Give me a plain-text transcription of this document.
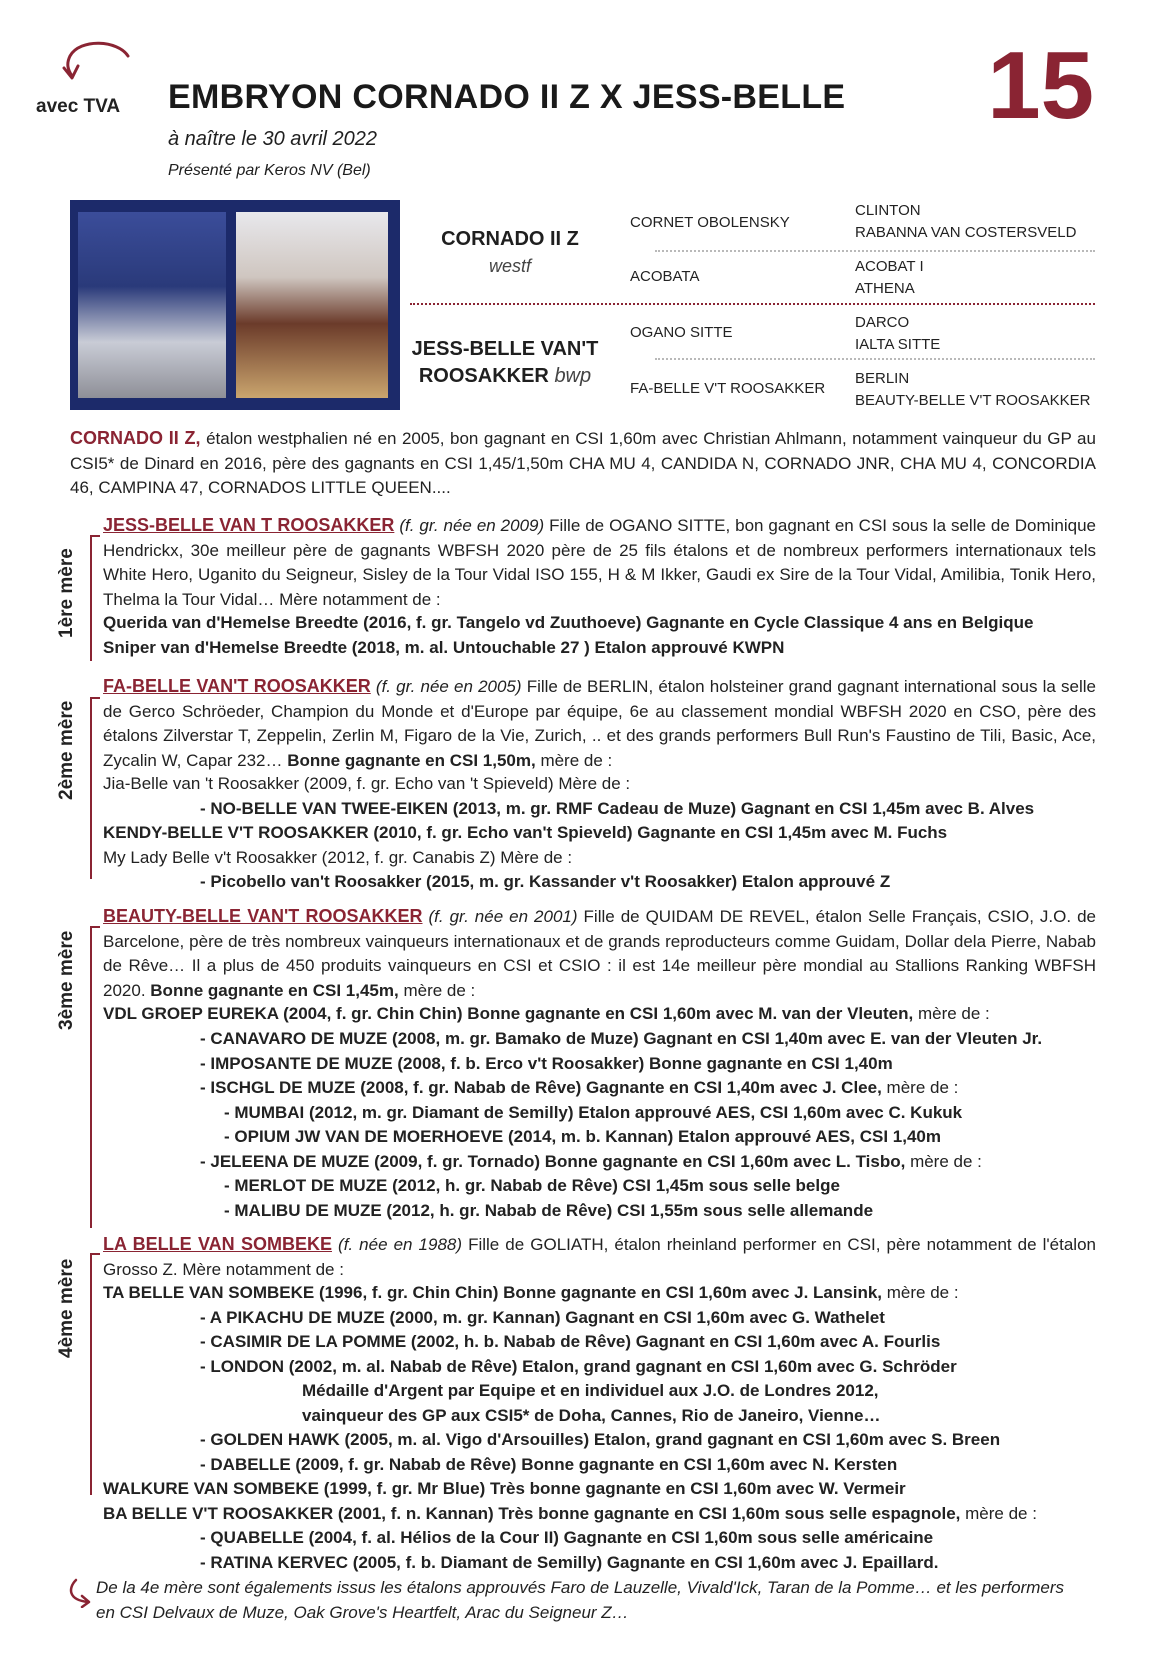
avec TVA EMBRYON CORNADO II Z X JESS-BELLE
à naître le 30 avril 2022
Présenté par Keros NV (Bel)
15
CORNADO II Z
westf
JESS-BELLE VAN'T
ROOSAKKER bwp
CORNET OBOLENSKY
ACOBATA
OGANO SITTE
FA-BELLE V'T ROOSAKKER
CLINTON
RABANNA VAN COSTERSVELD
ACOBAT I
ATHENA
DARCO
IALTA SITTE
BERLIN
BEAUTY-BELLE V'T ROOSAKKER
CORNADO II Z, étalon westphalien né en 2005, bon gagnant en CSI 1,60m avec Christian Ahlmann, notamment vainqueur du GP au CSI5* de Dinard en 2016, père des gagnants en CSI 1,45/1,50m CHA MU 4, CANDIDA N, CORNADO JNR, CHA MU 4, CONCORDIA 46, CAMPINA 47, CORNADOS LITTLE QUEEN....
1ère mère
JESS-BELLE VAN T ROOSAKKER (f. gr. née en 2009) Fille de OGANO SITTE, bon gagnant en CSI sous la selle de Dominique Hendrickx, 30e meilleur père de gagnants WBFSH 2020 père de 25 fils étalons et de nombreux performers internationaux tels White Hero, Uganito du Seigneur, Sisley de la Tour Vidal ISO 155, H & M Ikker, Gaudi ex Sire de la Tour Vidal, Amilibia, Tonik Hero, Thelma la Tour Vidal… Mère notamment de :
Querida van d'Hemelse Breedte (2016, f. gr. Tangelo vd Zuuthoeve) Gagnante en Cycle Classique 4 ans en Belgique
Sniper van d'Hemelse Breedte (2018, m. al. Untouchable 27 ) Etalon approuvé KWPN
2ème mère
FA-BELLE VAN'T ROOSAKKER (f. gr. née en 2005) Fille de BERLIN, étalon holsteiner grand gagnant international sous la selle de Gerco Schröeder, Champion du Monde et d'Europe par équipe, 6e au classement mondial WBFSH 2020 en CSO, père des étalons Zilverstar T, Zeppelin, Zerlin M, Figaro de la Vie, Zurich, .. et des grands performers Bull Run's Faustino de Tili, Basic, Ace, Zycalin W, Capar 232… Bonne gagnante en CSI 1,50m, mère de :
Jia-Belle van 't Roosakker (2009, f. gr. Echo van 't Spieveld) Mère de :
- NO-BELLE VAN TWEE-EIKEN (2013, m. gr. RMF Cadeau de Muze) Gagnant en CSI 1,45m avec B. Alves
KENDY-BELLE V'T ROOSAKKER (2010, f. gr. Echo van't Spieveld) Gagnante en CSI 1,45m avec M. Fuchs
My Lady Belle v't Roosakker (2012, f. gr. Canabis Z) Mère de :
- Picobello van't Roosakker (2015, m. gr. Kassander v't Roosakker) Etalon approuvé Z
3ème mère
BEAUTY-BELLE VAN'T ROOSAKKER (f. gr. née en 2001) Fille de QUIDAM DE REVEL, étalon Selle Français, CSIO, J.O. de Barcelone, père de très nombreux vainqueurs internationaux et de grands reproducteurs comme Guidam, Dollar dela Pierre, Nabab de Rêve… Il a plus de 450 produits vainqueurs en CSI et CSIO : il est 14e meilleur père mondial au Stallions Ranking WBFSH 2020. Bonne gagnante en CSI 1,45m, mère de :
VDL GROEP EUREKA (2004, f. gr. Chin Chin) Bonne gagnante en CSI 1,60m avec M. van der Vleuten, mère de :
- CANAVARO DE MUZE (2008, m. gr. Bamako de Muze) Gagnant en CSI 1,40m avec E. van der Vleuten Jr.
- IMPOSANTE DE MUZE (2008, f. b. Erco v't Roosakker) Bonne gagnante en CSI 1,40m
- ISCHGL DE MUZE (2008, f. gr. Nabab de Rêve) Gagnante en CSI 1,40m avec J. Clee, mère de :
- MUMBAI (2012, m. gr. Diamant de Semilly) Etalon approuvé AES, CSI 1,60m avec C. Kukuk
- OPIUM JW VAN DE MOERHOEVE (2014, m. b. Kannan) Etalon approuvé AES, CSI 1,40m
- JELEENA DE MUZE (2009, f. gr. Tornado) Bonne gagnante en CSI 1,60m avec L. Tisbo, mère de :
- MERLOT DE MUZE (2012, h. gr. Nabab de Rêve) CSI 1,45m sous selle belge
- MALIBU DE MUZE (2012, h. gr. Nabab de Rêve) CSI 1,55m sous selle allemande
4ème mère
LA BELLE VAN SOMBEKE (f. née en 1988) Fille de GOLIATH, étalon rheinland performer en CSI, père notamment de l'étalon Grosso Z. Mère notamment de :
TA BELLE VAN SOMBEKE (1996, f. gr. Chin Chin) Bonne gagnante en CSI 1,60m avec J. Lansink, mère de :
- A PIKACHU DE MUZE (2000, m. gr. Kannan) Gagnant en CSI 1,60m avec G. Wathelet
- CASIMIR DE LA POMME (2002, h. b. Nabab de Rêve) Gagnant en CSI 1,60m avec A. Fourlis
- LONDON (2002, m. al. Nabab de Rêve) Etalon, grand gagnant en CSI 1,60m avec G. Schröder
Médaille d'Argent par Equipe et en individuel aux J.O. de Londres 2012,
vainqueur des GP aux CSI5* de Doha, Cannes, Rio de Janeiro, Vienne…
- GOLDEN HAWK (2005, m. al. Vigo d'Arsouilles) Etalon, grand gagnant en CSI 1,60m avec S. Breen
- DABELLE (2009, f. gr. Nabab de Rêve) Bonne gagnante en CSI 1,60m avec N. Kersten
WALKURE VAN SOMBEKE (1999, f. gr. Mr Blue) Très bonne gagnante en CSI 1,60m avec W. Vermeir
BA BELLE V'T ROOSAKKER (2001, f. n. Kannan) Très bonne gagnante en CSI 1,60m sous selle espagnole, mère de :
- QUABELLE (2004, f. al. Hélios de la Cour II) Gagnante en CSI 1,60m sous selle américaine
- RATINA KERVEC (2005, f. b. Diamant de Semilly) Gagnante en CSI 1,60m avec J. Epaillard.
De la 4e mère sont égalements issus les étalons approuvés Faro de Lauzelle, Vivald'Ick, Taran de la Pomme… et les performers en CSI Delvaux de Muze, Oak Grove's Heartfelt, Arac du Seigneur Z…
